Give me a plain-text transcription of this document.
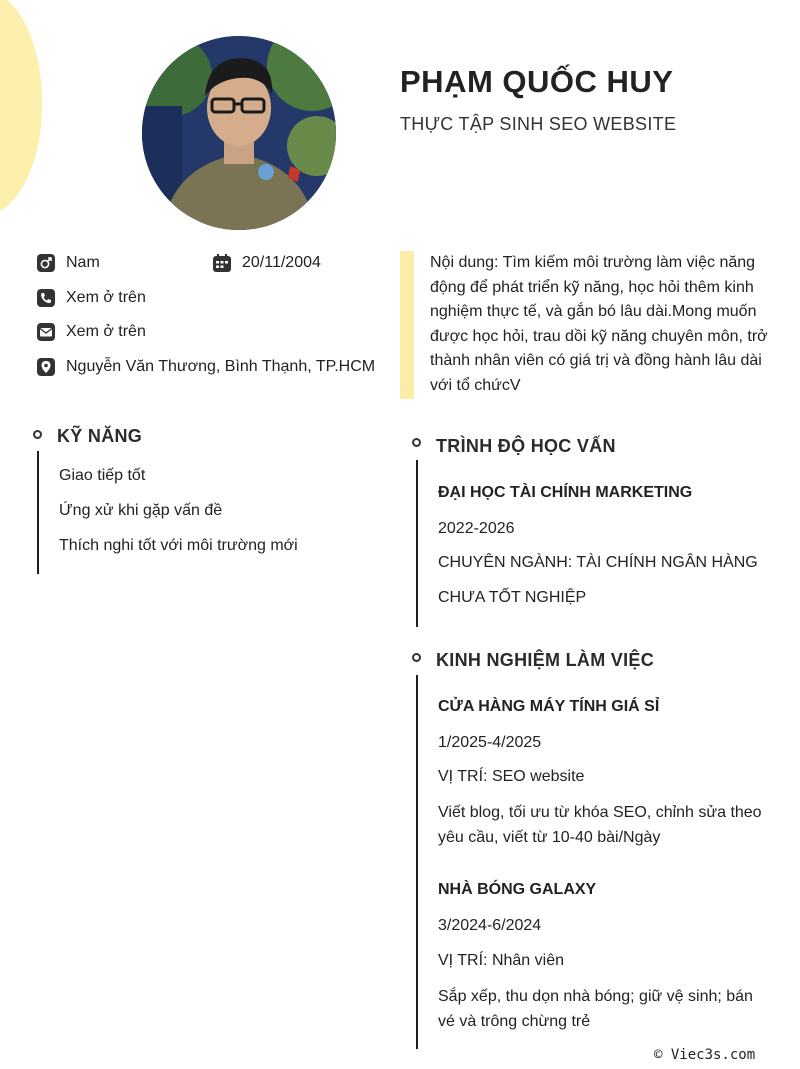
PHẠM QUỐC HUY
THỰC TẬP SINH SEO WEBSITE
Nam	20/11/2004
Xem ở trên
Xem ở trên
Nguyễn Văn Thương, Bình Thạnh, TP.HCM
Nội dung: Tìm kiếm môi trường làm việc năng động để phát triển kỹ năng, học hỏi thêm kinh nghiệm thực tế, và gắn bó lâu dài.Mong muốn được học hỏi, trau dồi kỹ năng chuyên môn, trở thành nhân viên có giá trị và đồng hành lâu dài với tổ chứcV
KỸ NĂNG
Giao tiếp tốt
Ứng xử khi gặp vấn đề
Thích nghi tốt với môi trường mới
TRÌNH ĐỘ HỌC VẤN
ĐẠI HỌC TÀI CHÍNH MARKETING
2022-2026
CHUYÊN NGÀNH: TÀI CHÍNH NGÂN HÀNG
CHƯA TỐT NGHIỆP
KINH NGHIỆM LÀM VIỆC
CỬA HÀNG MÁY TÍNH GIÁ SỈ
1/2025-4/2025
VỊ TRÍ: SEO website
Viết blog, tối ưu từ khóa SEO, chỉnh sửa theo yêu cầu, viết từ 10-40 bài/Ngày
NHÀ BÓNG GALAXY
3/2024-6/2024
VỊ TRÍ: Nhân viên
Sắp xếp, thu dọn nhà bóng; giữ vệ sinh; bán vé và trông chừng trẻ
© Viec3s.com
